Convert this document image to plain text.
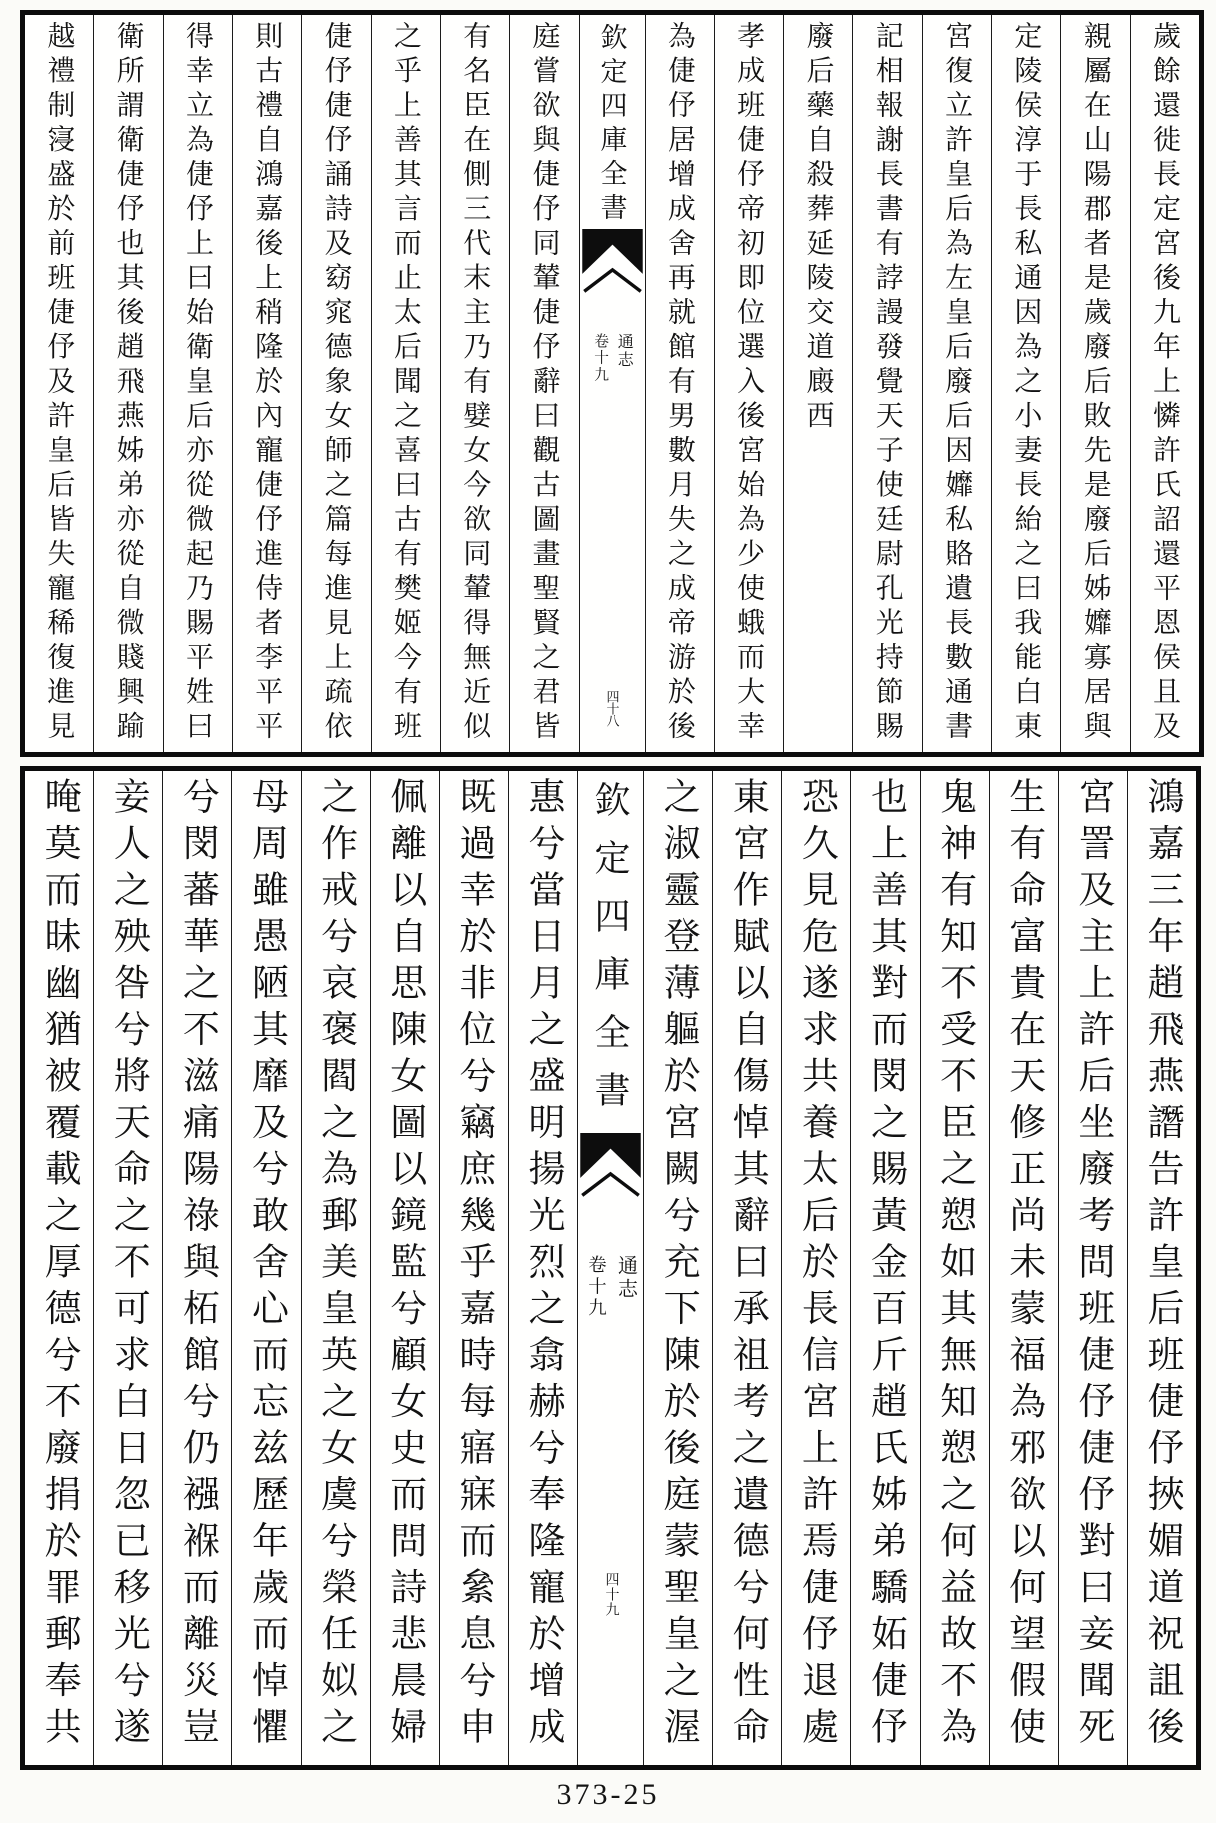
歲餘還徙長定宮後九年上憐許氏詔還平恩侯且及
親屬在山陽郡者是歲廢后敗先是廢后姊孊寡居與
定陵侯淳于長私通因為之小妻長紿之曰我能白東
宮復立許皇后為左皇后廢后因孊私賂遺長數通書
記相報謝長書有誖謾發覺天子使廷尉孔光持節賜
廢后藥自殺葬延陵交道廄西
孝成班倢伃帝初即位選入後宮始為少使蛾而大幸
為倢伃居增成舍再就館有男數月失之成帝游於後
欽定四庫全書
通志
卷十九
四十八
庭嘗欲與倢伃同輦倢伃辭曰觀古圖畫聖賢之君皆
有名臣在側三代末主乃有嬖女今欲同輦得無近似
之乎上善其言而止太后聞之喜曰古有樊姬今有班
倢伃倢伃誦詩及窈窕德象女師之篇每進見上疏依
則古禮自鴻嘉後上稍隆於內寵倢伃進侍者李平平
得幸立為倢伃上曰始衛皇后亦從微起乃賜平姓曰
衛所謂衛倢伃也其後趙飛燕姊弟亦從自微賤興踰
越禮制寖盛於前班倢伃及許皇后皆失寵稀復進見
鴻嘉三年趙飛燕譖告許皇后班倢伃挾媚道祝詛後
宮詈及主上許后坐廢考問班倢伃倢伃對曰妾聞死
生有命富貴在天修正尚未蒙福為邪欲以何望假使
鬼神有知不受不臣之愬如其無知愬之何益故不為
也上善其對而閔之賜黃金百斤趙氏姊弟驕妬倢伃
恐久見危遂求共養太后於長信宮上許焉倢伃退處
東宮作賦以自傷悼其辭曰承祖考之遺德兮何性命
之淑靈登薄軀於宮闕兮充下陳於後庭蒙聖皇之渥
欽定四庫全書
通志
卷十九
四十九
惠兮當日月之盛明揚光烈之翕赫兮奉隆寵於增成
既過幸於非位兮竊庶幾乎嘉時每寤寐而絫息兮申
佩離以自思陳女圖以鏡監兮顧女史而問詩悲晨婦
之作戒兮哀褒閻之為郵美皇英之女虞兮榮任姒之
母周雖愚陋其靡及兮敢舍心而忘兹歷年歲而悼懼
兮閔蕃華之不滋痛陽祿與柘館兮仍襁褓而離災豈
妾人之殃咎兮將天命之不可求白日忽已移光兮遂
晻莫而昧幽猶被覆載之厚德兮不廢捐於罪郵奉共
373-25
